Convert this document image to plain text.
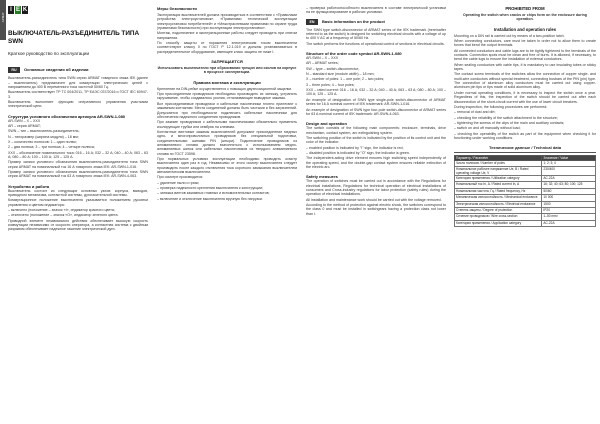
АРМАТ
I E K
ВЫКЛЮЧАТЕЛЬ-РАЗЪЕДИНИТЕЛЬ ТИПА SWN
Краткое руководство по эксплуатации
RU	Основные сведения об изделии

Выключатель-разъединитель типа SWN серии ARMAT товарного знака IEK (далее – выключатель) предназначен для коммутации электрических цепей с напряжением до 400 В переменного тока частотой 50/60 Гц.

Выключатель соответствует ТР ТС 004/2011, ТР ЕАЭС 037/2016 и ГОСТ IEC 60947-3.

Выключатель выполняет функцию оперативного управления участками электрической цепи.

Структура условного обозначения артикула AR-SWN-1-080

AR-SWN – X – XXX

AR – серия ARMAT;

SWN – тип – выключатель-разъединитель;

N – типоразмер (ширина модуля) – 18 мм;

X – количество полюсов: 1 – один полюс;

2 – два полюса; 3 – три полюса; 4 – четыре полюса;

XXX – обозначение номинального тока: 016 – 16 А; 032 – 32 А; 040 – 40 А; 063 – 63 А; 080 – 80 А; 100 – 100 А; 125 – 125 А.

Пример записи условного обозначения выключателя-разъединителя типа SWN серии ARMAT на номинальный ток 16 А товарного знака IEK: AR-SWN-1-016.

Пример записи условного обозначения выключателя-разъединителя типа SWN серии ARMAT на номинальный ток 63 А товарного знака IEK: AR-SWN-4-063.

Устройство и работа

Выключатель состоит из следующих основных узлов: корпуса, выводов, приводного механизма, контактной системы, дугогасительной системы.

Коммутационное положение выключателя указывается положением рукоятки управления и цветом индикатора:

– включено (положение – значок «I», индикатор красного цвета;

– отключено (положение – значок «O», индикатор зеленого цвета.

Приводной элемент независимого действия обеспечивает высокую скорость коммутации независимо от скорости оператора, а контактная система с двойным разрывом обеспечивает надежное гашение электрической дуги.

Меры безопасности

Эксплуатация выключателей должна производиться в соответствии с «Правилами устройства электроустановок», «Правилами технической эксплуатации электроустановок потребителей» и «Межотраслевыми правилами по охране труда (правилами безопасности) при эксплуатации электроустановок».

Монтаж, подключение и эксплуатационные работы следует проводить при снятом напряжении.

По способу защиты от поражения электрическим током выключатели соответствуют классу 0 по ГОСТ Р 12.1.019 и должны устанавливаться в распределительное оборудование, имеющее класс защиты не ниже I.

ЗАПРЕЩАЕТСЯ

Использовать выключатели при образовании трещин или сколов на корпусе в процессе эксплуатации.

Правила монтажа и эксплуатации

Крепление на DIN-рейке осуществляется с помощью двухпозиционной защелки.

При присоединении проводников необходимо производить их затяжку, устранять скручивание, чтобы создавались усилия, отталкивающие выводные зажимы.

Все присоединяемые проводники и кабельные наконечники плотно прилегают к зажимным контактам. Места соединений должны быть чистыми и без загрязнений. Допускается при необходимости подключать кабельные наконечники для обеспечения надежного соединения проводников.

При зажиме проводников с кабельными наконечниками обязательно применять изолирующие трубки или кембрик на клеммах.

Контактные винтовые зажимы выключателей допускают присоединение медных одно- и многопроволочных проводников без специальной подготовки, соединительными шинами PIN (штыри). Подключение проводников из алюминиевого сплава должно выполняться с использованием медно-алюминиевых шинок или кабельных наконечников из твердого алюминиевого сплава по ГОСТ 23598.

При нормальных условиях эксплуатации необходимо проводить осмотр выключателя один раз в год. Независимо от этого осмотр выключателя следует производить после каждого отключения тока короткого замыкания выключателем автоматическим выключателем.

При осмотре производится:

– удаление пыли и грязи;

– проверка надежности крепления выключателя к конструкции;

– затяжка винтов зажимных главных и вспомогательных контактов;

– включение и отключение выключателя вручную без нагрузки.

– проверка работоспособности выключателя в составе электрической установки на ее функционирование в рабочих условиях.

EN	Basic information on the product

The SWN type switch-disconnector of ARMAT series of the IEK trademark (hereinafter referred to as the switch) is designed for switching electrical circuits with a voltage of up to 400 V AC at a frequency of 50/60 Hz.

The switch performs the functions of operational control of sections in electrical circuits.

Structure of the order code symbol AR-SWN-1-080

AR-SWN – X – XXX

AR – ARMAT series;

SW – type – switch-disconnector;

N – standard size (module width) – 18 mm;

X – number of poles: 1 – one pole; 2 – two poles;

3 – three poles; 4 – four poles;

XXX – rated current: 016 – 16 A; 032 – 32 A; 040 – 40 A; 063 – 63 A; 080 – 80 A; 100 – 100 A; 125 – 125 A.

An example of designation of SWN type single-pole switch-disconnector of ARMAT series for 16 A nominal current of IEK trademark: AR-SWN-1-016.

An example of designation of SWN type four-pole switch-disconnector of ARMAT series for 63 A nominal current of IEK trademark: AR-SWN-4-063.

Design and operation

The switch consists of the following main components: enclosure, terminals, drive mechanism, contact system, arc extinguishing system.

The switching position of the switch is indicated by the position of its control unit and the color of the indicator:

– enabled position is indicated by "I" sign, the indicator is red;

– disabled position is indicated by "O" sign, the indicator is green.

The independent-acting drive element ensures high switching speed independently of the operating speed, and the double-gap contact system ensures reliable extinction of the electric arc.

Safety measures

The operation of switches must be carried out in accordance with the Regulations for electrical installations, Regulations for technical operation of electrical installations of consumers and Cross-industry regulations for labor protection (safety rules) during the operation of electrical installations.

All installation and maintenance work should be carried out with the voltage removed.

According to the method of protection against electric shock, the switches correspond to the class 0 and must be installed in switchgears having a protection class not lower than I.

PROHIBITED FROM

Operating the switch when cracks or chips form on the enclosure during operation.

Installation and operation rules

Mounting on a DIN rail is carried out by means of a two-position latch.

When connecting conductors, care must be taken in order not to allow them to create forces that bend the output terminals.

All connected conductors and cable lugs are to be tightly tightened to the terminals of the contacts. Connection spots must be clean and free of burrs. It is allowed, if necessary, to bend the cable lugs to ensure the installation of external conductors.

When sealing conductors with cable tips, it is mandatory to use insulating tubes or sticky tapes.

The contact screw terminals of the switches allow the connection of copper single- and multi-wire conductors without special treatment, connecting busbars of the PIN (pin) type. The connection of aluminum alloy conductors must be carried out using copper-aluminum pin tips or tips made of solid aluminum alloy.

Under normal operating conditions, it is necessary to inspect the switch once a year. Regardless of this, the inspection of the switch should be carried out after each disconnection of the short-circuit current with the use of lower circuit breakers.

During inspection, the following procedures are performed:

– removal of dust and dirt;

– checking the reliability of the switch attachment to the structure;

– tightening the screws of the clips of the main and auxiliary contacts;

– switch on and off manually without load;

– checking the operability of the switch as part of the equipment when checking it for functioning under working conditions.

Технические данные / Technical data
Параметр / Parameter	Значение / Value
Число полюсов / Number of poles	1; 2; 3; 4
Номинальное рабочее напряжение Ue, В / Rated operating voltage Ue, V	230/400
Категория применения / Utilization category	AC-22A
Номинальный ток In, А / Rated current In, A	16; 32; 40; 63; 80; 100; 125
Номинальная частота, Гц / Rated frequency, Hz	50/60
Механическая износостойкость / Mechanical endurance	10 000
Электрическая износостойкость / Electrical endurance	1500
Степень защиты / Degree of protection	IP20
Сечение проводников / Wire cross-section	1–50 mm²
Категория применения / Application category	AC-22A
